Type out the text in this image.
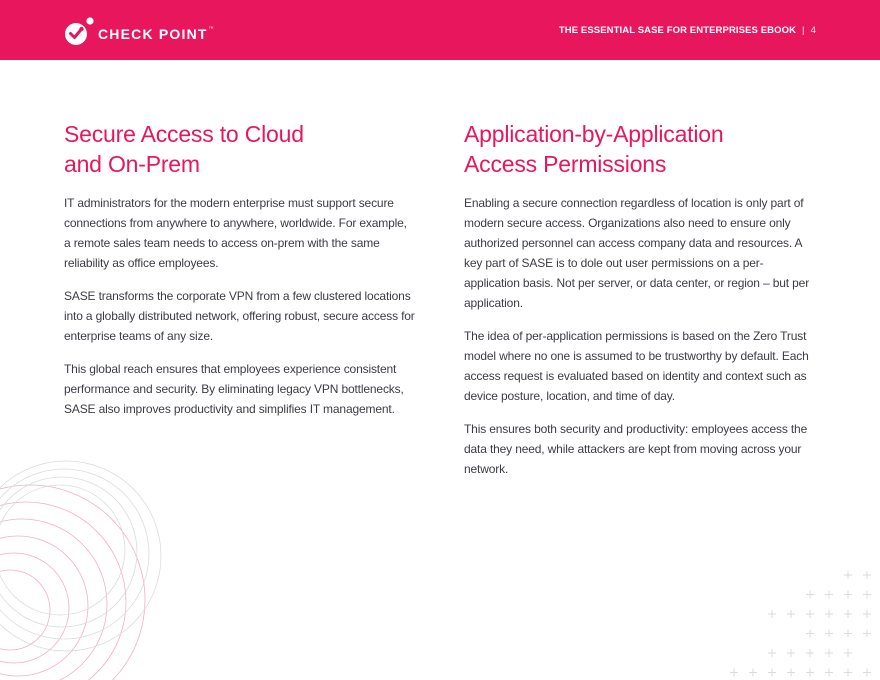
CHECK POINT™	THE ESSENTIAL SASE FOR ENTERPRISES EBOOK | 4
Secure Access to Cloud
and On-Prem

IT administrators for the modern enterprise must support secure connections from anywhere to anywhere, worldwide. For example, a remote sales team needs to access on-prem with the same reliability as office employees.

SASE transforms the corporate VPN from a few clustered locations into a globally distributed network, offering robust, secure access for enterprise teams of any size.

This global reach ensures that employees experience consistent performance and security. By eliminating legacy VPN bottlenecks, SASE also improves productivity and simplifies IT management.

Application-by-Application
Access Permissions

Enabling a secure connection regardless of location is only part of modern secure access. Organizations also need to ensure only authorized personnel can access company data and resources. A key part of SASE is to dole out user permissions on a per-application basis. Not per server, or data center, or region – but per application.

The idea of per-application permissions is based on the Zero Trust model where no one is assumed to be trustworthy by default. Each access request is evaluated based on identity and context such as device posture, location, and time of day.

This ensures both security and productivity: employees access the data they need, while attackers are kept from moving across your network.
